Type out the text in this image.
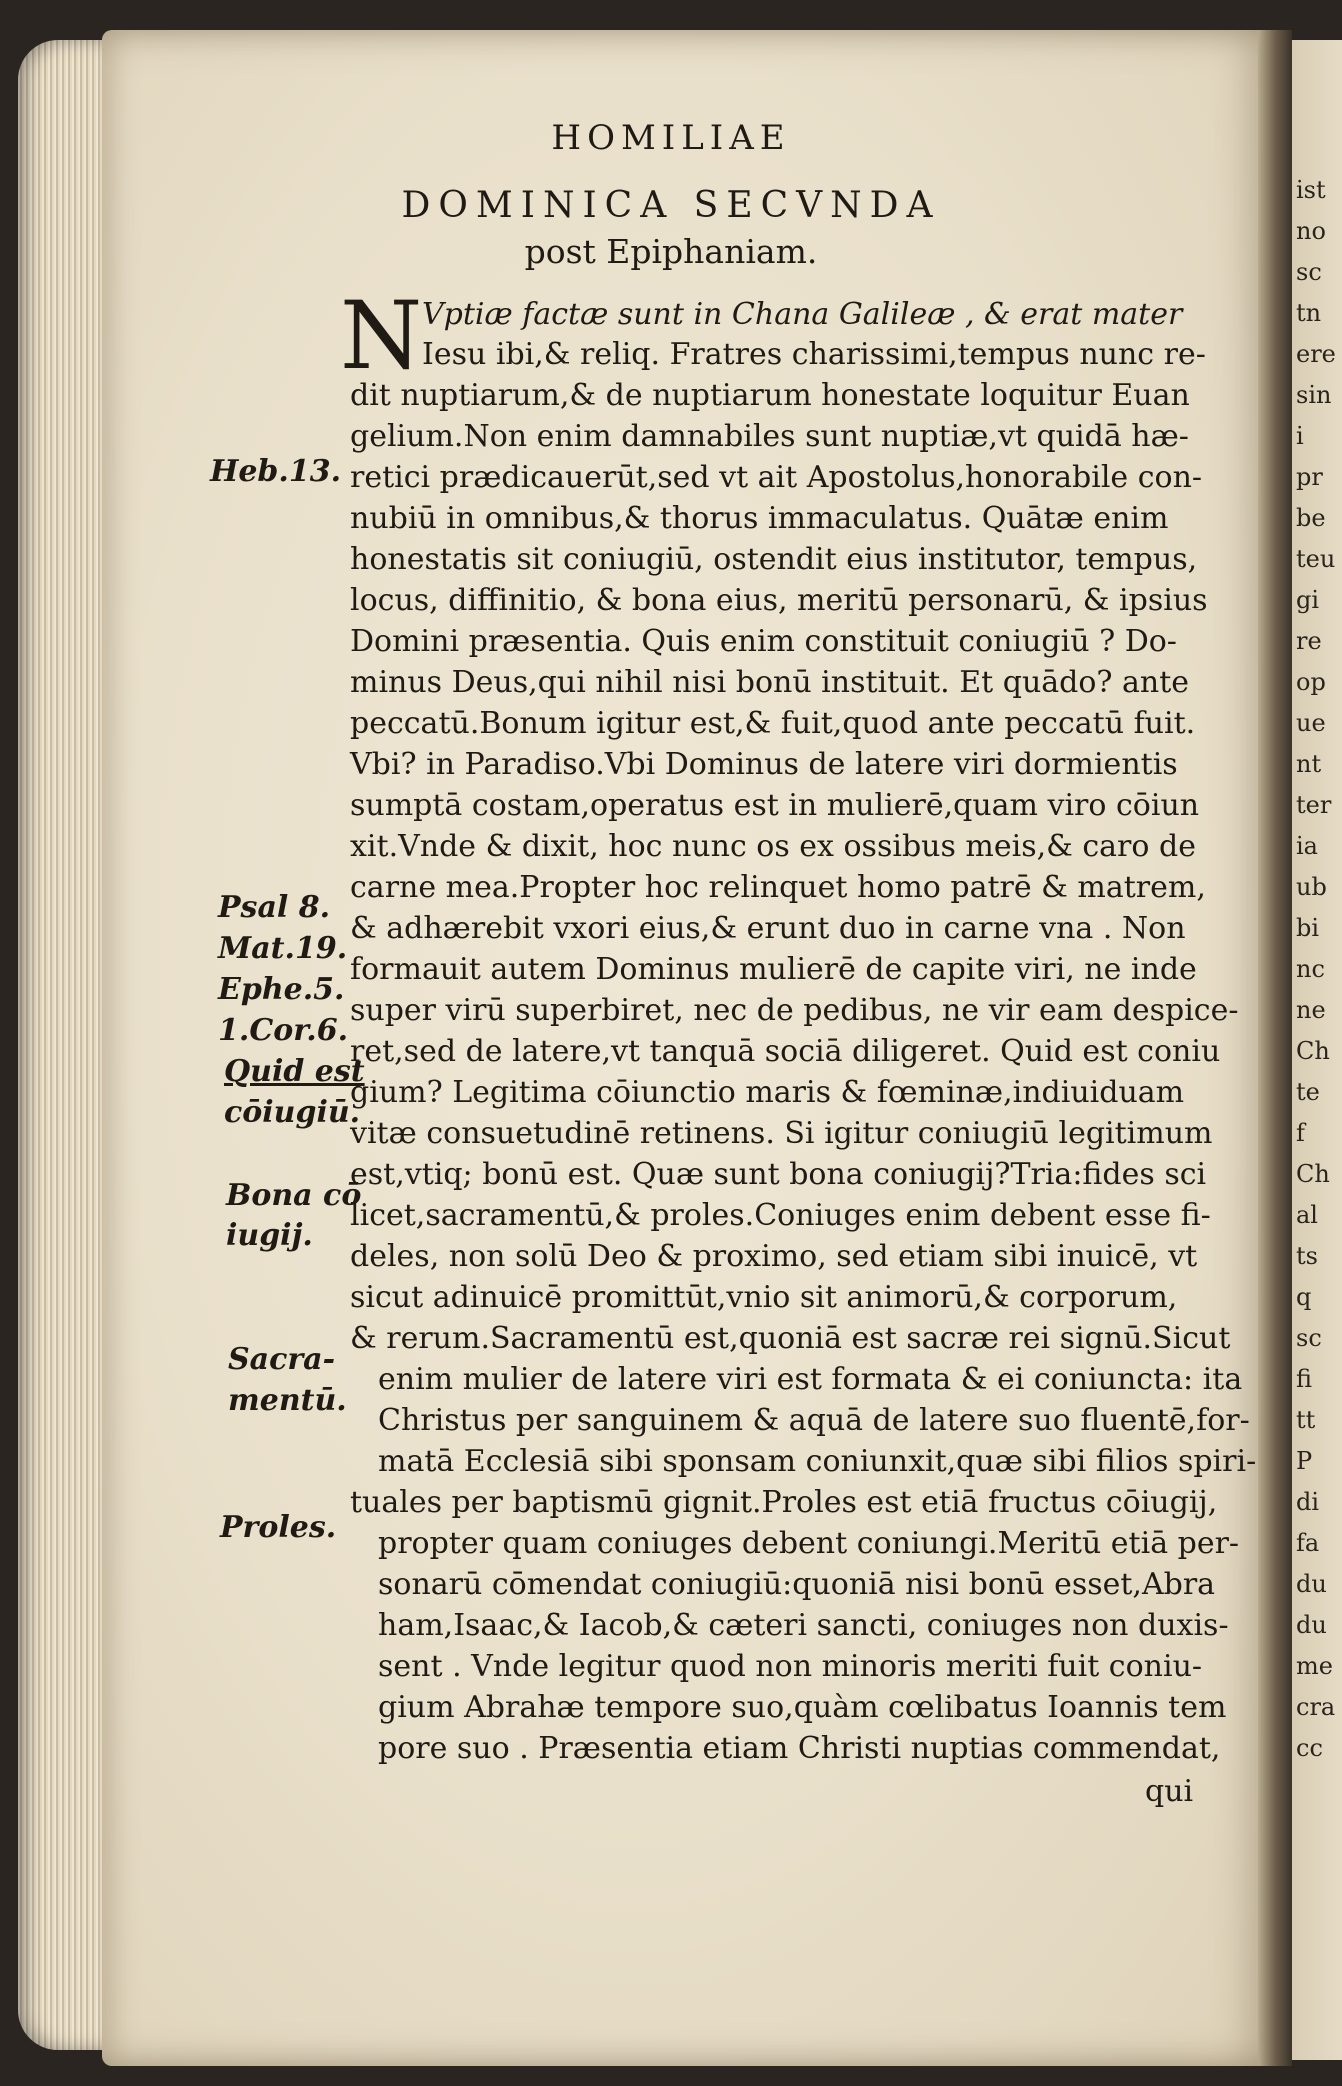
ist
no
sc
tn
ere
sin
i
pr
be
teu
gi
re
op
ue
nt
ter
ia
ub
bi
nc
ne
Ch
te
f
Ch
al
ts
q
sc
fi
tt
P
di
fa
du
du
me
cra
cc
HOMILIAE
DOMINICA SECVNDA
post Epiphaniam.
N Vptiæ factæ sunt in Chana Galileæ , & erat mater
Iesu ibi,& reliq. Fratres charissimi,tempus nunc re-
dit nuptiarum,& de nuptiarum honestate loquitur Euan
gelium.Non enim damnabiles sunt nuptiæ,vt quidā hæ-
retici prædicauerūt,sed vt ait Apostolus,honorabile con-
nubiū in omnibus,& thorus immaculatus. Quātæ enim
honestatis sit coniugiū, ostendit eius institutor, tempus,
locus, diffinitio, & bona eius, meritū personarū, & ipsius
Domini præsentia. Quis enim constituit coniugiū ? Do-
minus Deus,qui nihil nisi bonū instituit. Et quādo? ante
peccatū.Bonum igitur est,& fuit,quod ante peccatū fuit.
Vbi? in Paradiso.Vbi Dominus de latere viri dormientis
sumptā costam,operatus est in mulierē,quam viro cōiun
xit.Vnde & dixit, hoc nunc os ex ossibus meis,& caro de
carne mea.Propter hoc relinquet homo patrē & matrem,
& adhærebit vxori eius,& erunt duo in carne vna . Non
formauit autem Dominus mulierē de capite viri, ne inde
super virū superbiret, nec de pedibus, ne vir eam despice-
ret,sed de latere,vt tanquā sociā diligeret. Quid est coniu
gium? Legitima cōiunctio maris & fœminæ,indiuiduam
vitæ consuetudinē retinens. Si igitur coniugiū legitimum
est,vtiq; bonū est. Quæ sunt bona coniugij?Tria:fides sci
licet,sacramentū,& proles.Coniuges enim debent esse fi-
deles, non solū Deo & proximo, sed etiam sibi inuicē, vt
sicut adinuicē promittūt,vnio sit animorū,& corporum,
& rerum.Sacramentū est,quoniā est sacræ rei signū.Sicut
enim mulier de latere viri est formata & ei coniuncta: ita
Christus per sanguinem & aquā de latere suo fluentē,for-
matā Ecclesiā sibi sponsam coniunxit,quæ sibi filios spiri-
tuales per baptismū gignit.Proles est etiā fructus cōiugij,
propter quam coniuges debent coniungi.Meritū etiā per-
sonarū cōmendat coniugiū:quoniā nisi bonū esset,Abra
ham,Isaac,& Iacob,& cæteri sancti, coniuges non duxis-
sent . Vnde legitur quod non minoris meriti fuit coniu-
gium Abrahæ tempore suo,quàm cœlibatus Ioannis tem
pore suo . Præsentia etiam Christi nuptias commendat,
qui
Heb.13.
Psal 8.
Mat.19.
Ephe.5.
1.Cor.6.
Quid est
cōiugiū.
Bona cō
iugij.
Sacra-
mentū.
Proles.
